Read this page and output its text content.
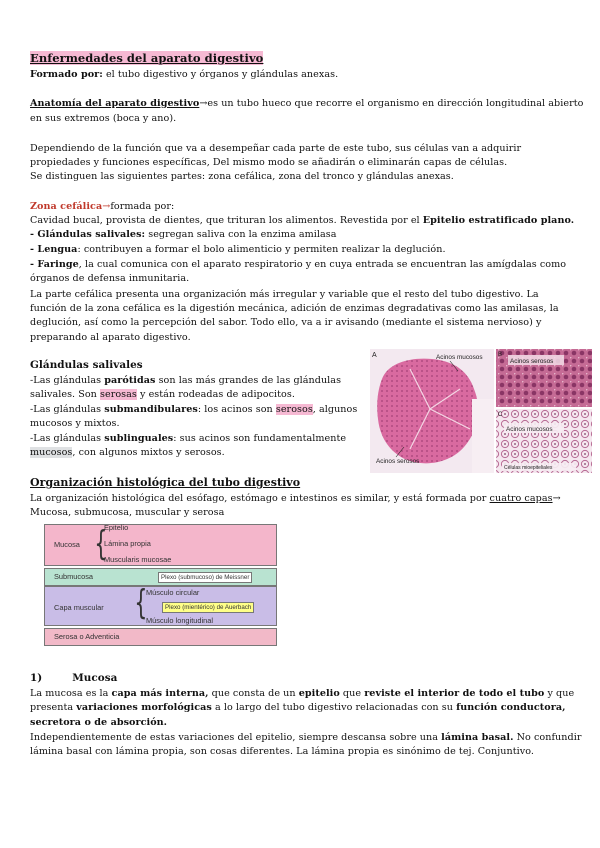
Enfermedades del aparato digestivo
Formado por: el tubo digestivo y órganos y glándulas anexas.
Anatomía del aparato digestivo→es un tubo hueco que recorre el organismo en dirección longitudinal abierto
en sus extremos (boca y ano).
Dependiendo de la función que va a desempeñar cada parte de este tubo, sus células van a adquirir
propiedades y funciones específicas, Del mismo modo se añadirán o eliminarán capas de células.
Se distinguen las siguientes partes: zona cefálica, zona del tronco y glándulas anexas.
Zona cefálica→formada por:
Cavidad bucal, provista de dientes, que trituran los alimentos. Revestida por el Epitelio estratificado plano.
- Glándulas salivales: segregan saliva con la enzima amilasa
- Lengua: contribuyen a formar el bolo alimenticio y permiten realizar la deglución.
- Faringe, la cual comunica con el aparato respiratorio y en cuya entrada se encuentran las amígdalas como
órganos de defensa inmunitaria.
La parte cefálica presenta una organización más irregular y variable que el resto del tubo digestivo. La
función de la zona cefálica es la digestión mecánica, adición de enzimas degradativas como las amilasas, la
deglución, así como la percepción del sabor. Todo ello, va a ir avisando (mediante el sistema nervioso) y
preparando al aparato digestivo.
Glándulas salivales
-Las glándulas parótidas son las más grandes de las glándulas
salivales. Son serosas y están rodeadas de adipocitos.
-Las glándulas submandibulares: los acinos son serosos, algunos
mucosos y mixtos.
-Las glándulas sublinguales: sus acinos son fundamentalmente
mucosos, con algunos mixtos y serosos.
A	Acinos mucosos
Acinos serosos
Acinos serosos
B
Acinos mucosos
C
Células mioepiteliales
Organización histológica del tubo digestivo
La organización histológica del esófago, estómago e intestinos es similar, y está formada por cuatro capas→
Mucosa, submucosa, muscular y serosa
Mucosa {
Epitelio
Lámina propia
Muscularis mucosae
Submucosa	Plexo (submucoso) de Meissner
Capa muscular {
Músculo circular
Plexo (mientérico) de Auerbach
Músculo longitudinal
Serosa o Adventicia
1)	Mucosa
La mucosa es la capa más interna, que consta de un epitelio que reviste el interior de todo el tubo y que
presenta variaciones morfológicas a lo largo del tubo digestivo relacionadas con su función conductora,
secretora o de absorción.
Independientemente de estas variaciones del epitelio, siempre descansa sobre una lámina basal. No confundir
lámina basal con lámina propia, son cosas diferentes. La lámina propia es sinónimo de tej. Conjuntivo.
